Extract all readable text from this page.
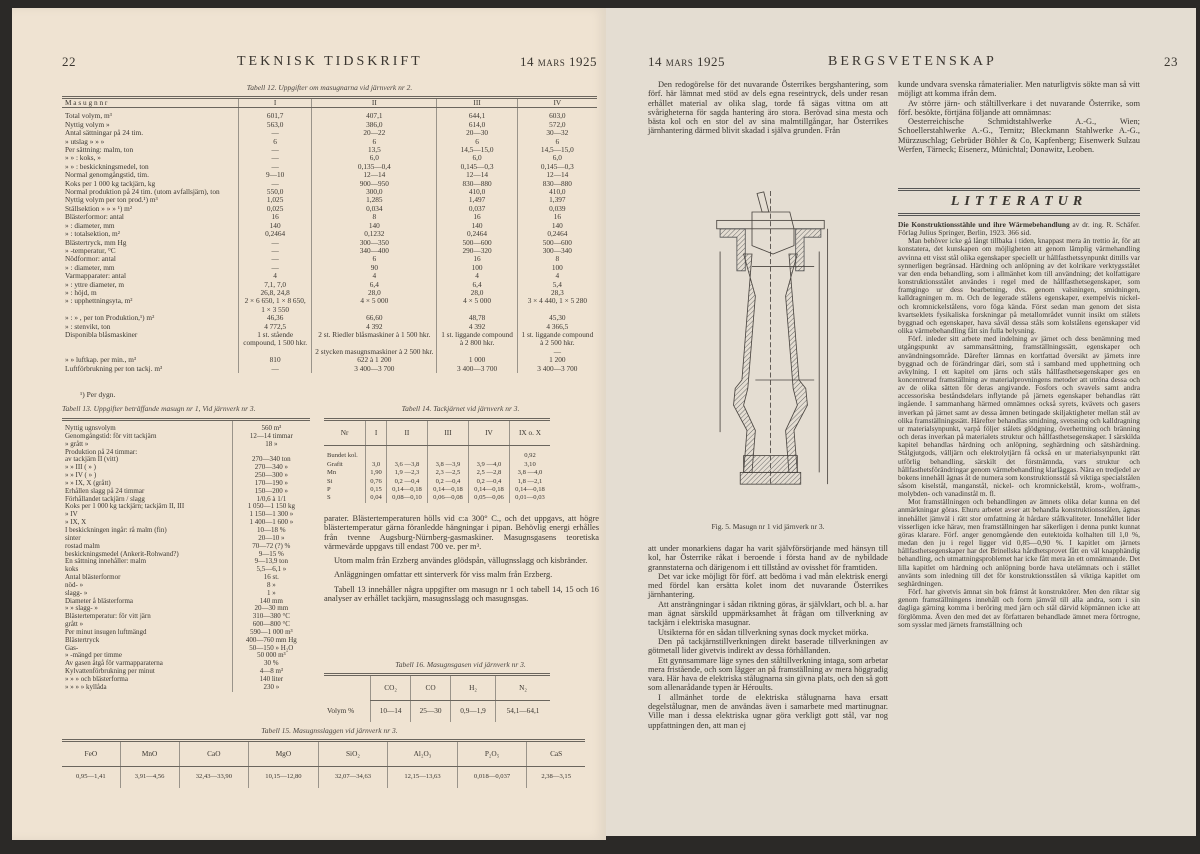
22	TEKNISK TIDSKRIFT	14 mars 1925
Tabell 12. Uppgifter om masugnarna vid järnverk nr 2.
M a s u g n n r	I	II	III	IV
Total volym, m³	601,7	407,1	644,1	603,0
Nyttig volym »	563,0	386,0	614,0	572,0
Antal sättningar på 24 tim.	—	20—22	20—30	30—32
» utslag » » »	6	6	6	6
Per sättning: malm, ton	—	13,5	14,5—15,0	14,5—15,0
» » : koks, »	—	6,0	6,0	6,0
» » : beskickningsmedel, ton	—	0,135—0,4	0,145—0,3	0,145—0,3
Normal genomgångstid, tim.	9—10	12—14	12—14	12—14
Koks per 1 000 kg tackjärn, kg	—	900—950	830—880	830—880
Normal produktion på 24 tim. (utom avfallsjärn), ton	550,0	300,0	410,0	410,0
Nyttig volym per ton prod.¹) m³	1,025	1,285	1,497	1,397
Ställsektion » » » ¹) m²	0,025	0,034	0,037	0,039
Blästerformor: antal	16	8	16	16
» : diameter, mm	140	140	140	140
» : totalsektion, m²	0,2464	0,1232	0,2464	0,2464
Blästertryck, mm Hg	—	300—350	500—600	500—600
» -temperatur, °C	—	340—400	290—320	300—340
Nödformor: antal	—	6	16	8
» : diameter, mm	—	90	100	100
Varmapparater: antal	4	4	4	4
» : yttre diameter, m	7,1, 7,0	6,4	6,4	5,4
» : höjd, m	26,8, 24,8	28,0	28,0	28,3
» : upphettningsyta, m²	2 × 6 650, 1 × 8 650, 1 × 3 550	4 × 5 000	4 × 5 000	3 × 4 440, 1 × 5 280
» : » , per ton Produktion,¹) m²	46,36	66,60	48,78	45,30
» : stenvikt, ton	4 772,5	4 392	4 392	4 366,5
Disponibla blåsmaskiner	1 st. stående compound, 1 500 hkr.	2 st. Riedler blåsmaskiner à 1 500 hkr.	1 st. liggande compound à 2 800 hkr.	1 st. liggande compound à 2 500 hkr.
		2 stycken masugnsmaskiner à 2 500 hkr.		—
» » luftkap. per min., m³	810	622 à 1 200	1 000	1 200
Luftförbrukning per ton tackj. m³	—	3 400—3 700	3 400—3 700	3 400—3 700
¹) Per dygn.
Tabell 13. Uppgifter beträffande masugn nr 1, Vid järnverk nr 3.
Nyttig ugnsvolym	560 m³
Genomgångstid: för vitt tackjärn	12—14 timmar
» grått »	18 »
Produktion på 24 timmar:	
av tackjärn II (vitt)	270—340 ton
» » III ( » )	270—340 »
» » IV ( » )	250—300 »
» » IX, X (grått)	170—190 »
Erhållen slagg på 24 timmar	150—200 »
Förhållandet tackjärn / slagg	1/0,6 à 1/1
Koks per 1 000 kg tackjärn; tackjärn II, III	1 050—1 150 kg
» IV	1 150—1 300 »
» IX, X	1 400—1 600 »
I beskickningen ingår: rå malm (fin)	10—18 %
sinter	20—10 »
rostad malm	70—72 (?) %
beskickningsmedel (Ankerit-Rohwand?)	9—15 %
En sättning innehåller: malm	9—13,9 ton
koks	5,5—6,1 »
Antal blästerformor	16 st.
nöd- »	8 »
slagg- »	1 »
Diameter å blästerforma	140 mm
» » slagg- »	20—30 mm
Blästertemperatur: för vitt järn	310—380 °C
grått »	600—800 °C
Per minut insugen luftmängd	590—1 000 m³
Blästertryck	400—760 mm Hg
Gas-	50—150 » H₂O
» -mängd per timme	50 000 m³
Av gasen åtgå för varmapparaterna	30 %
Kylvattenförbrukning per minut	4—8 m³
» » » och blästerforma	140 liter
» » » » kyllåda	230 »
Tabell 14. Tackjärnet vid järnverk nr 3.
Nr	I	II	III	IV	IX o. X
Bundet kol.					0,92
Grafit	3,0	3,6 —3,8	3,8 —3,9	3,9 —4,0	3,10
Mn	1,90	1,9 —2,3	2,3 —2,5	2,5 —2,8	3,8 —4,0
Si	0,76	0,2 —0,4	0,2 —0,4	0,2 —0,4	1,8 —2,1
P	0,15	0,14—0,18	0,14—0,18	0,14—0,18	0,14—0,18
S	0,04	0,08—0,10	0,06—0,08	0,05—0,06	0,01—0,03

parater. Blästertemperaturen hölls vid c:a 300° C., och det uppgavs, att högre blästertemperatur gärna föranledde hängningar i pipan. Behövlig energi erhålles från tvenne Augsburg-Nürnberg-gasmaskiner. Masugnsgasens teoretiska värmevärde uppgavs till endast 700 ve. per m³.

Utom malm från Erzberg användes glödspån, vällugnsslagg och kisbränder.

Anläggningen omfattar ett sinterverk för viss malm från Erzberg.

Tabell 13 innehåller några uppgifter om masugn nr 1 och tabell 14, 15 och 16 analyser av erhållet tackjärn, masugnsslagg och masugnsgas.

Tabell 16. Masugnsgasen vid järnverk nr 3.
	CO₂	CO	H₂	N₂
Volym %	10—14	25—30	0,9—1,9	54,1—64,1
Tabell 15. Masugnsslaggen vid järnverk nr 3.
FeO	MnO	CaO	MgO	SiO₂	Al₂O₃	P₂O₅	CaS
0,95—1,41	3,91—4,56	32,43—33,90	10,15—12,80	32,07—34,63	12,15—13,63	0,018—0,037	2,38—3,15
14 mars 1925	BERGSVETENSKAP	23

Den redogörelse för det nuvarande Österrikes bergshantering, som förf. här lämnat med stöd av dels egna reseintryck, dels under resan erhållet material av olika slag, torde få sägas vittna om att svårigheterna för sagda hantering äro stora. Berövad sina mesta och bästa kol och en stor del av sina malmtillgångar, har Österrikes järnhantering därmed blivit skadad i själva grunden. Från

Fig. 5. Masugn nr 1 vid järnverk nr 3.

att under monarkiens dagar ha varit självförsörjande med hänsyn till kol, har Österrike råkat i beroende i första hand av de nybildade grannstaterna och därigenom i ett tillstånd av ovisshet för framtiden.

Det var icke möjligt för förf. att bedöma i vad mån elektrisk energi med fördel kan ersätta kolet inom det nuvarande Österrikes järnhantering.

Att ansträngningar i sådan riktning göras, är självklart, och bl. a. har man ägnat särskild uppmärksamhet åt frågan om tillverkning av tackjärn i elektriska masugnar.

Utsikterna för en sådan tillverkning synas dock mycket mörka.

Den på tackjärnstillverkningen direkt baserade tillverkningen av götmetall lider givetvis indirekt av dessa förhållanden.

Ett gynnsammare läge synes den ståltillverkning intaga, som arbetar mera fristående, och som lägger an på framställning av mera höggradig vara. Här hava de elektriska stålugnarna sin givna plats, och den så gott som allenarådande typen är Héroults.

I allmänhet torde de elektriska stålugnarna hava ersatt degelstålugnar, men de användas även i samarbete med martinugnar. Ville man i dessa elektriska ugnar göra verkligt gott stål, var nog uppfattningen den, att man ej

kunde undvara svenska råmaterialier. Men naturligtvis sökte man så vitt möjligt att komma ifrån dem.

Av större järn- och ståltillverkare i det nuvarande Österrike, som förf. besökte, förtjäna följande att omnämnas:

Oesterreichische Schmidtstahlwerke A.-G., Wien; Schoellerstahlwerke A.-G., Ternitz; Bleckmann Stahlwerke A.-G., Mürzzuschlag; Gebrüder Böhler & Co, Kapfenberg; Eisenwerk Sulzau Werfen, Tärneck; Eisenerz, Münichtal; Donawitz, Leoben.

LITTERATUR

Die Konstruktionsstähle und ihre Wärmebehandlung av dr. ing. R. Schäfer. Förlag Julius Springer, Berlin, 1923. 366 sid.

Man behöver icke gå långt tillbaka i tiden, knappast mera än trettio år, för att konstatera, det kunskapen om möjligheten att genom lämplig värmehandling avvinna ett visst stål olika egenskaper speciellt ur hållfasthetssynpunkt dittills var synnerligen begränsad. Härdning och anlöpning av det kolrikare verktygsstålet var den enda behandling, som i allmänhet kom till användning; det kolfattigare konstruktionsstålet användes i regel med de hållfasthetsegenskaper, som framgingo ur dess bearbetning, dvs. genom valsningen, smidningen, kalldragningen m. m. Och de legerade stålens egenskaper, exempelvis nickel- och kromnickelstålens, voro föga kända. Först sedan man genom det sista kvartseklets fysikaliska forskningar på metallområdet vunnit insikt om stålets byggnad och egenskaper, hava såväl dessa ståls som kolstålens egenskaper vid olika värmebehandling fått sin fulla belysning.

Förf. inleder sitt arbete med indelning av järnet och dess benämning med utgångspunkt av sammansättning, framställningssätt, egenskaper och användningsområde. Därefter lämnas en kortfattad översikt av järnets inre byggnad och de förändringar däri, som stå i samband med upphettning och avkylning. I ett kapitel om järns och ståls hållfasthetsegenskaper ges en koncentrerad framställning av materialprovningens metoder att utröna dessa och av de olika sätten för deras angivande. Fosfors och svavels samt andra accessoriska beståndsdelars inflytande på järnets egenskaper behandlas rätt ingående. I sammanhang härmed omnämnes också syrets, kvävets och gasers inverkan på järnet samt av dessa ämnen betingade skiljaktigheter mellan stål av olika framställningssätt. Härefter behandlas smidning, svetsning och kalldragning ur materialsynpunkt, varpå följer stålets glödgning, överhettning och bränning och deras inverkan på materialets struktur och hållfasthetsegenskaper. I särskilda kapitel behandlas härdning och anlöpning, seghärdning och sätshärdning. Stålgjutgods, välljärn och elektrolytjärn få också en ur materialsynpunkt rätt utförlig behandling, särskilt det förstnämnda, vars struktur och hållfasthetsförändringar genom värmebehandling klarläggas. Nära en tredjedel av bokens innehåll ägnas åt de numera som konstruktionsstål så viktiga specialstålen såsom kiselstål, manganstål, nickel- och kromnickelstål, krom-, wolfram-, molybden- och vanadinstål m. fl.

Mot framställningen och behandlingen av ämnets olika delar kunna en del anmärkningar göras. Ehuru arbetet avser att behandla konstruktionsstålen, ägnas innehållet jämväl i rätt stor omfattning åt hårdare stålkvaliteter. Innehållet lider visserligen icke härav, men framställningen har säkerligen i denna punkt kunnat göras klarare. Förf. anger genomgående den eutektoida kolhalten till 1,0 %, medan den ju i regel ligger vid 0,85—0,90 %. I kapitlet om järnets hållfasthetsegenskaper har det Brinellska hårdhetsprovet fått en väl knapphändig behandling, och utmattningsproblemet har icke fått mera än ett omnämnande. Det lilla kapitlet om härdning och anlöpning borde hava utelämnats och i stället använts som inledning till det för konstruktionsstålen så viktiga kapitlet om seghärdningen.

Förf. har givetvis ämnat sin bok främst åt konstruktörer. Men den riktar sig genom framställningens innehåll och form jämväl till alla andra, som i sin dagliga gärning komma i beröring med järn och stål därvid köpmännen icke att förglömma. Även den med det av författaren behandlade ämnet mera förtrogne, som sysslar med järnets framställning och
